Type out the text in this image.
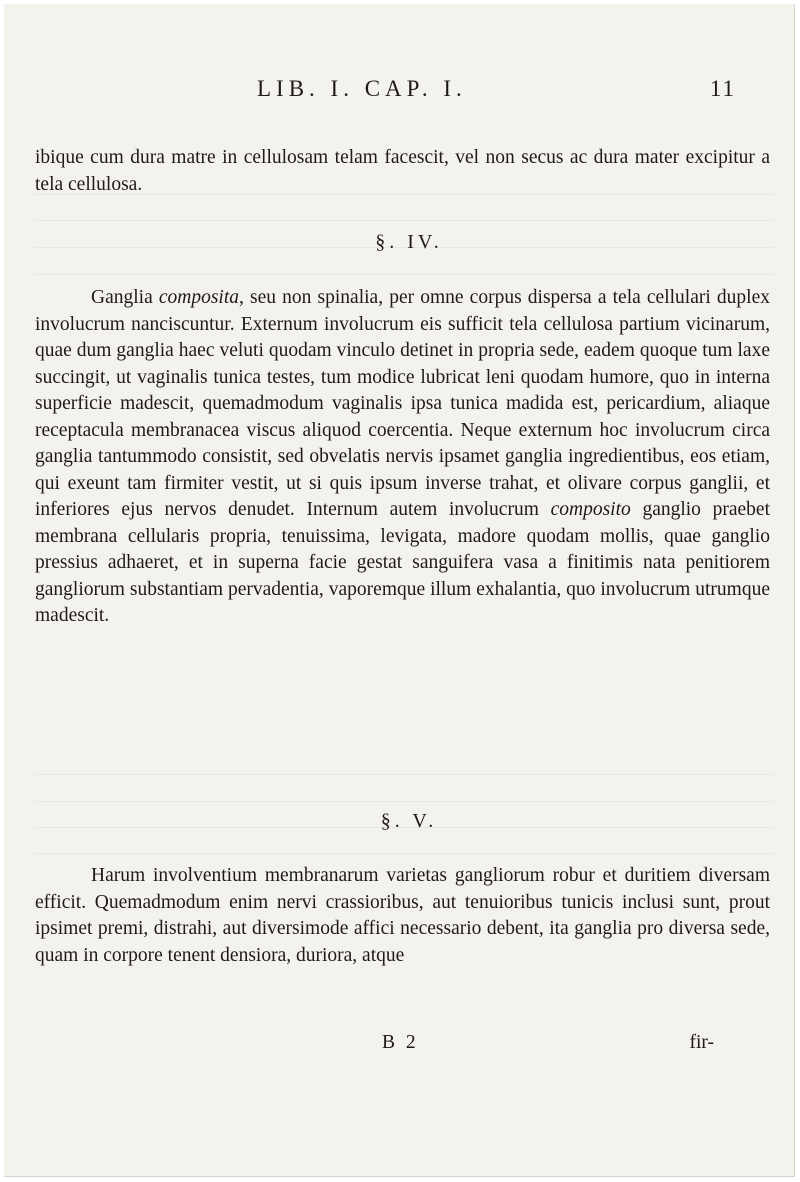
LIB. I. CAP. I.	11

ibique cum dura matre in cellulosam telam facescit, vel non secus ac dura mater excipitur a tela cellulosa.

§. IV.

Ganglia composita, seu non spinalia, per omne corpus dispersa a tela cellulari duplex involucrum nanciscuntur. Externum involucrum eis sufficit tela cellulosa partium vicinarum, quae dum ganglia haec veluti quodam vinculo detinet in propria sede, eadem quoque tum laxe succingit, ut vaginalis tunica testes, tum modice lubricat leni quodam humore, quo in interna superficie madescit, quemadmodum vaginalis ipsa tunica madida est, pericardium, aliaque receptacula membranacea viscus aliquod coercentia. Neque externum hoc involucrum circa ganglia tantummodo consistit, sed obvelatis nervis ipsamet ganglia ingredientibus, eos etiam, qui exeunt tam firmiter vestit, ut si quis ipsum inverse trahat, et olivare corpus ganglii, et inferiores ejus nervos denudet. Internum autem involucrum composito ganglio praebet membrana cellularis propria, tenuissima, levigata, madore quodam mollis, quae ganglio pressius adhaeret, et in superna facie gestat sanguifera vasa a finitimis nata penitiorem gangliorum substantiam pervadentia, vaporemque illum exhalantia, quo involucrum utrumque madescit.

§. V.

Harum involventium membranarum varietas gangliorum robur et duritiem diversam efficit. Quemadmodum enim nervi crassioribus, aut tenuioribus tunicis inclusi sunt, prout ipsimet premi, distrahi, aut diversimode affici necessario debent, ita ganglia pro diversa sede, quam in corpore tenent densiora, duriora, atque

B 2	fir-
